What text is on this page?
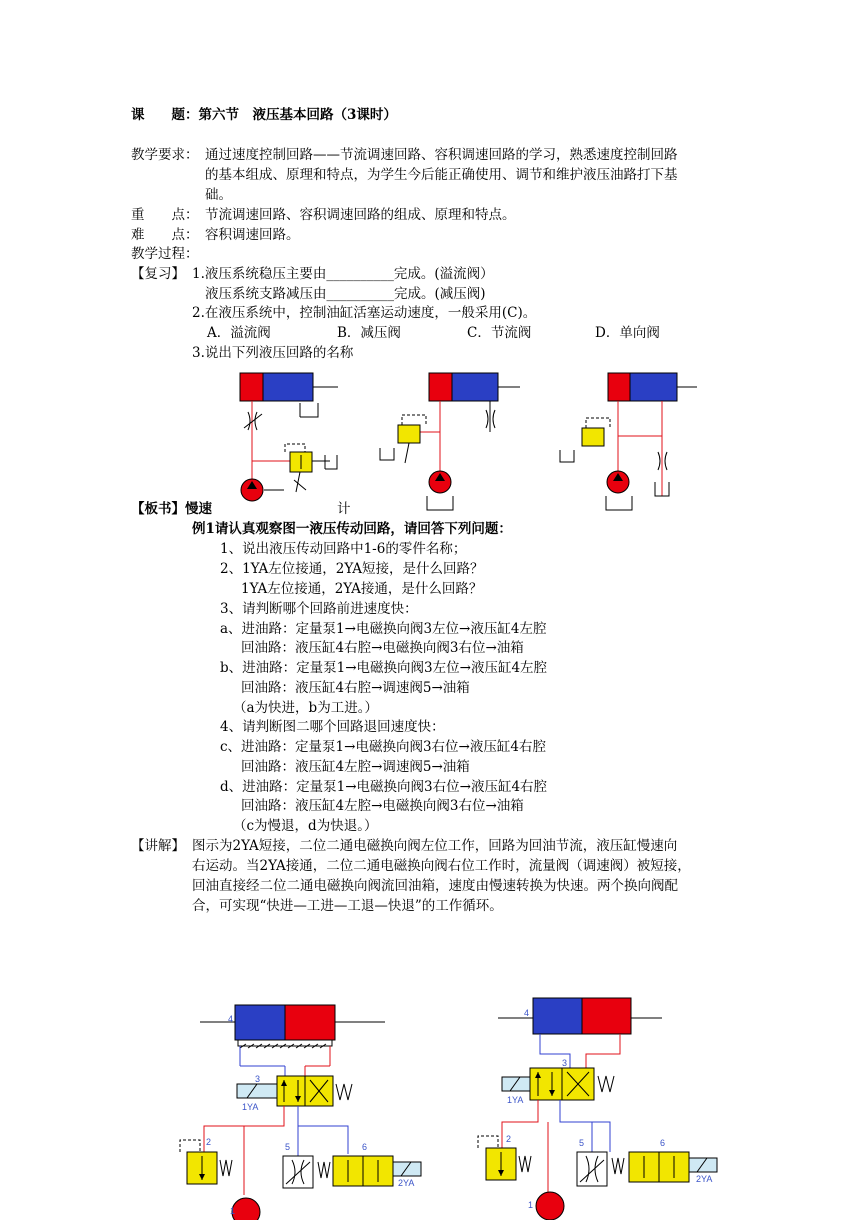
课　　题：第六节　液压基本回路（3课时）
教学要求： 通过速度控制回路——节流调速回路、容积调速回路的学习，熟悉速度控制回路
的基本组成、原理和特点，为学生今后能正确使用、调节和维护液压油路打下基
础。
重　　点： 节流调速回路、容积调速回路的组成、原理和特点。
难　　点： 容积调速回路。
教学过程：
【复习】 1.液压系统稳压主要由__________完成。(溢流阀）
液压系统支路减压由__________完成。(减压阀)
2.在液压系统中，控制油缸活塞运动速度，一般采用(C)。
A．溢流阀	B．减压阀	C．节流阀	D．单向阀
3.说出下列液压回路的名称
【板书】慢速	计
例1请认真观察图一液压传动回路，请回答下列问题：
1、说出液压传动回路中1-6的零件名称；
2、1YA左位接通，2YA短接，是什么回路？
1YA左位接通，2YA接通，是什么回路？
3、请判断哪个回路前进速度快：
a、进油路：定量泵1→电磁换向阀3左位→液压缸4左腔
回油路：液压缸4右腔→电磁换向阀3右位→油箱
b、进油路：定量泵1→电磁换向阀3左位→液压缸4左腔
回油路：液压缸4右腔→调速阀5→油箱
（a为快进，b为工进。）
4、请判断图二哪个回路退回速度快：
c、进油路：定量泵1→电磁换向阀3右位→液压缸4右腔
回油路：液压缸4左腔→调速阀5→油箱
d、进油路：定量泵1→电磁换向阀3右位→液压缸4右腔
回油路：液压缸4左腔→电磁换向阀3右位→油箱
（c为慢退，d为快退。）
【讲解】 图示为2YA短接，二位二通电磁换向阀左位工作，回路为回油节流，液压缸慢速向
右运动。当2YA接通，二位二通电磁换向阀右位工作时，流量阀（调速阀）被短接，
回油直接经二位二通电磁换向阀流回油箱，速度由慢速转换为快速。两个换向阀配
合，可实现“快进—工进—工退—快退”的工作循环。
4
3
1YA
2	5	6
2YA
1
4
3
1YA
2	5	6
2YA
1
